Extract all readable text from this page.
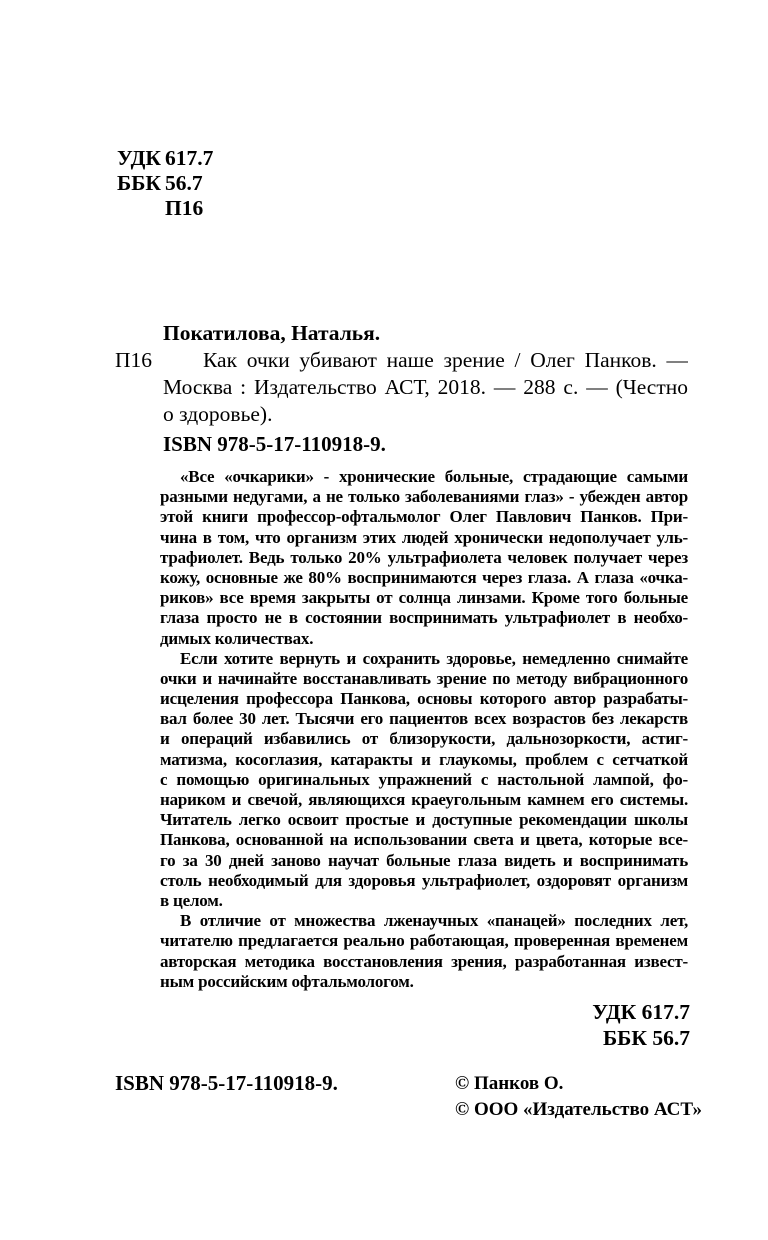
УДК 617.7
ББК 56.7
П16
Покатилова, Наталья.
П16	Как очки убивают наше зрение / Олег Панков. —
Москва : Издательство АСТ, 2018. — 288 с. — (Честно
о здоровье).
ISBN 978-5-17-110918-9.
«Все «очкарики» - хронические больные, страдающие самыми
разными недугами, а не только заболеваниями глаз» - убежден автор
этой книги профессор-офтальмолог Олег Павлович Панков. При-
чина в том, что организм этих людей хронически недополучает уль-
трафиолет. Ведь только 20% ультрафиолета человек получает через
кожу, основные же 80% воспринимаются через глаза. А глаза «очка-
риков» все время закрыты от солнца линзами. Кроме того больные
глаза просто не в состоянии воспринимать ультрафиолет в необхо-
димых количествах.
Если хотите вернуть и сохранить здоровье, немедленно снимайте
очки и начинайте восстанавливать зрение по методу вибрационного
исцеления профессора Панкова, основы которого автор разрабаты-
вал более 30 лет. Тысячи его пациентов всех возрастов без лекарств
и операций избавились от близорукости, дальнозоркости, астиг-
матизма, косоглазия, катаракты и глаукомы, проблем с сетчаткой
с помощью оригинальных упражнений с настольной лампой, фо-
нариком и свечой, являющихся краеугольным камнем его системы.
Читатель легко освоит простые и доступные рекомендации школы
Панкова, основанной на использовании света и цвета, которые все-
го за 30 дней заново научат больные глаза видеть и воспринимать
столь необходимый для здоровья ультрафиолет, оздоровят организм
в целом.
В отличие от множества лженаучных «панацей» последних лет,
читателю предлагается реально работающая, проверенная временем
авторская методика восстановления зрения, разработанная извест-
ным российским офтальмологом.
УДК 617.7
ББК 56.7
ISBN 978-5-17-110918-9.	© Панков О.
© ООО «Издательство АСТ»
